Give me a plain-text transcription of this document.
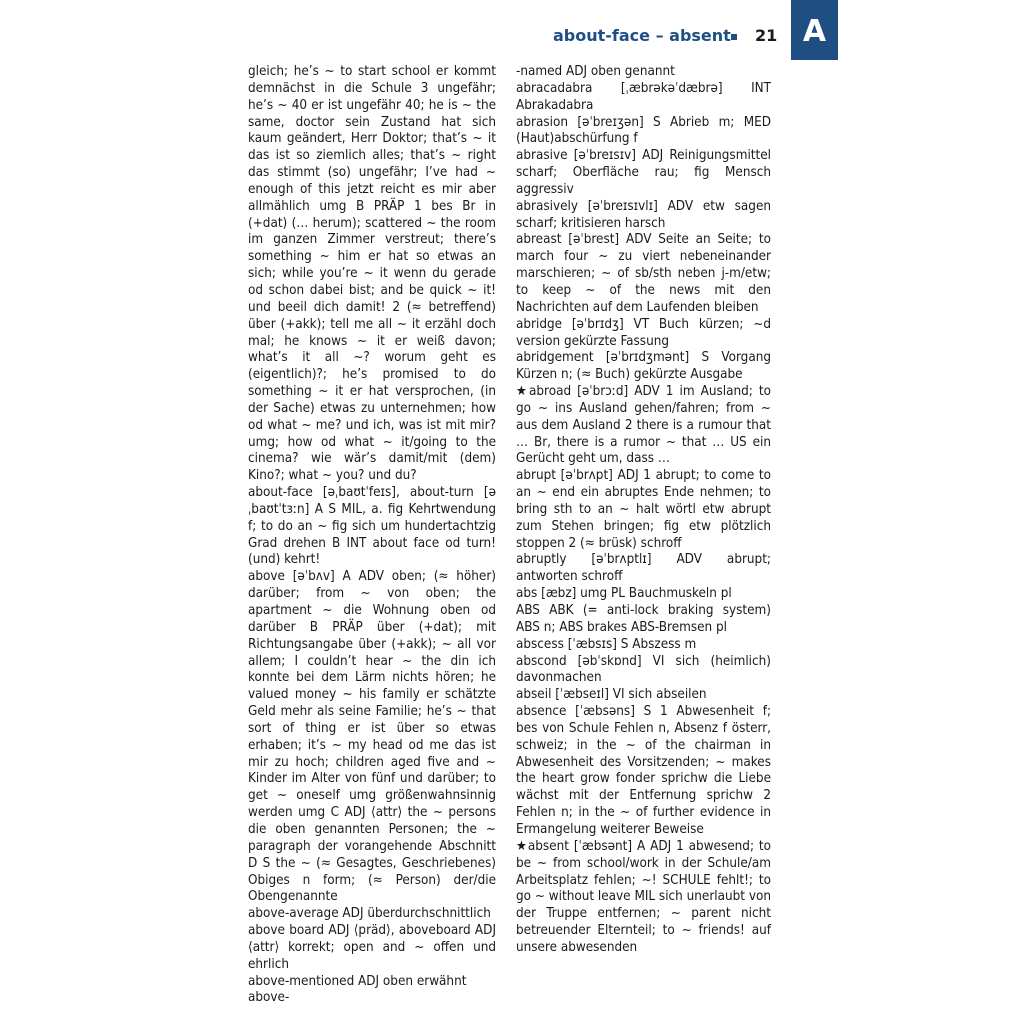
about-face – absent 21 A

gleich; he’s ~ to start school er kommt demnächst in die Schule 3 ungefähr; he’s ~ 40 er ist ungefähr 40; he is ~ the same, doctor sein Zustand hat sich kaum geändert, Herr Doktor; that’s ~ it das ist so ziemlich alles; that’s ~ right das stimmt (so) ungefähr; I’ve had ~ enough of this jetzt reicht es mir aber allmählich umg B PRÄP 1 bes Br in (+dat) (… herum); scattered ~ the room im ganzen Zimmer verstreut; there’s something ~ him er hat so etwas an sich; while you’re ~ it wenn du gerade od schon dabei bist; and be quick ~ it! und beeil dich damit! 2 (≈ betreffend) über (+akk); tell me all ~ it erzähl doch mal; he knows ~ it er weiß davon; what’s it all ~? worum geht es (eigentlich)?; he’s promised to do something ~ it er hat versprochen, (in der Sache) etwas zu unternehmen; how od what ~ me? und ich, was ist mit mir? umg; how od what ~ it/going to the cinema? wie wär’s damit/mit (dem) Kino?; what ~ you? und du?

about-face [əˌbaʊtˈfeɪs], about-turn [əˌbaʊtˈtɜːn] A S MIL, a. fig Kehrtwendung f; to do an ~ fig sich um hundertachtzig Grad drehen B INT about face od turn! (und) kehrt!

above [əˈbʌv] A ADV oben; (≈ höher) darüber; from ~ von oben; the apartment ~ die Wohnung oben od darüber B PRÄP über (+dat); mit Richtungsangabe über (+akk); ~ all vor allem; I couldn’t hear ~ the din ich konnte bei dem Lärm nichts hören; he valued money ~ his family er schätzte Geld mehr als seine Familie; he’s ~ that sort of thing er ist über so etwas erhaben; it’s ~ my head od me das ist mir zu hoch; children aged five and ~ Kinder im Alter von fünf und darüber; to get ~ oneself umg größenwahnsinnig werden umg C ADJ ⟨attr⟩ the ~ persons die oben genannten Personen; the ~ paragraph der vorangehende Abschnitt D S the ~ (≈ Gesagtes, Geschriebenes) Obiges n form; (≈ Person) der/die Obengenannte

above-average ADJ überdurchschnittlich

above board ADJ ⟨präd⟩, aboveboard ADJ ⟨attr⟩ korrekt; open and ~ offen und ehrlich

above-mentioned ADJ oben erwähnt

above-

-named ADJ oben genannt

abracadabra [ˌæbrəkəˈdæbrə] INT Abrakadabra

abrasion [əˈbreɪʒən] S Abrieb m; MED (Haut)abschürfung f

abrasive [əˈbreɪsɪv] ADJ Reinigungsmittel scharf; Oberfläche rau; fig Mensch aggressiv

abrasively [əˈbreɪsɪvlɪ] ADV etw sagen scharf; kritisieren harsch

abreast [əˈbrest] ADV Seite an Seite; to march four ~ zu viert nebeneinander marschieren; ~ of sb/sth neben j-m/etw; to keep ~ of the news mit den Nachrichten auf dem Laufenden bleiben

abridge [əˈbrɪdʒ] VT Buch kürzen; ~d version gekürzte Fassung

abridgement [əˈbrɪdʒmənt] S Vorgang Kürzen n; (≈ Buch) gekürzte Ausgabe

★abroad [əˈbrɔːd] ADV 1 im Ausland; to go ~ ins Ausland gehen/fahren; from ~ aus dem Ausland 2 there is a rumour that … Br, there is a rumor ~ that … US ein Gerücht geht um, dass …

abrupt [əˈbrʌpt] ADJ 1 abrupt; to come to an ~ end ein abruptes Ende nehmen; to bring sth to an ~ halt wörtl etw abrupt zum Stehen bringen; fig etw plötzlich stoppen 2 (≈ brüsk) schroff

abruptly [əˈbrʌptlɪ] ADV abrupt; antworten schroff

abs [æbz] umg PL Bauchmuskeln pl

ABS ABK (= anti-lock braking system) ABS n; ABS brakes ABS-Bremsen pl

abscess [ˈæbsɪs] S Abszess m

abscond [əbˈskɒnd] VI sich (heimlich) davonmachen

abseil [ˈæbseɪl] VI sich abseilen

absence [ˈæbsəns] S 1 Abwesenheit f; bes von Schule Fehlen n, Absenz f österr, schweiz; in the ~ of the chairman in Abwesenheit des Vorsitzenden; ~ makes the heart grow fonder sprichw die Liebe wächst mit der Entfernung sprichw 2 Fehlen n; in the ~ of further evidence in Ermangelung weiterer Beweise

★absent [ˈæbsənt] A ADJ 1 abwesend; to be ~ from school/work in der Schule/am Arbeitsplatz fehlen; ~! SCHULE fehlt!; to go ~ without leave MIL sich unerlaubt von der Truppe entfernen; ~ parent nicht betreuender Elternteil; to ~ friends! auf unsere abwesenden
